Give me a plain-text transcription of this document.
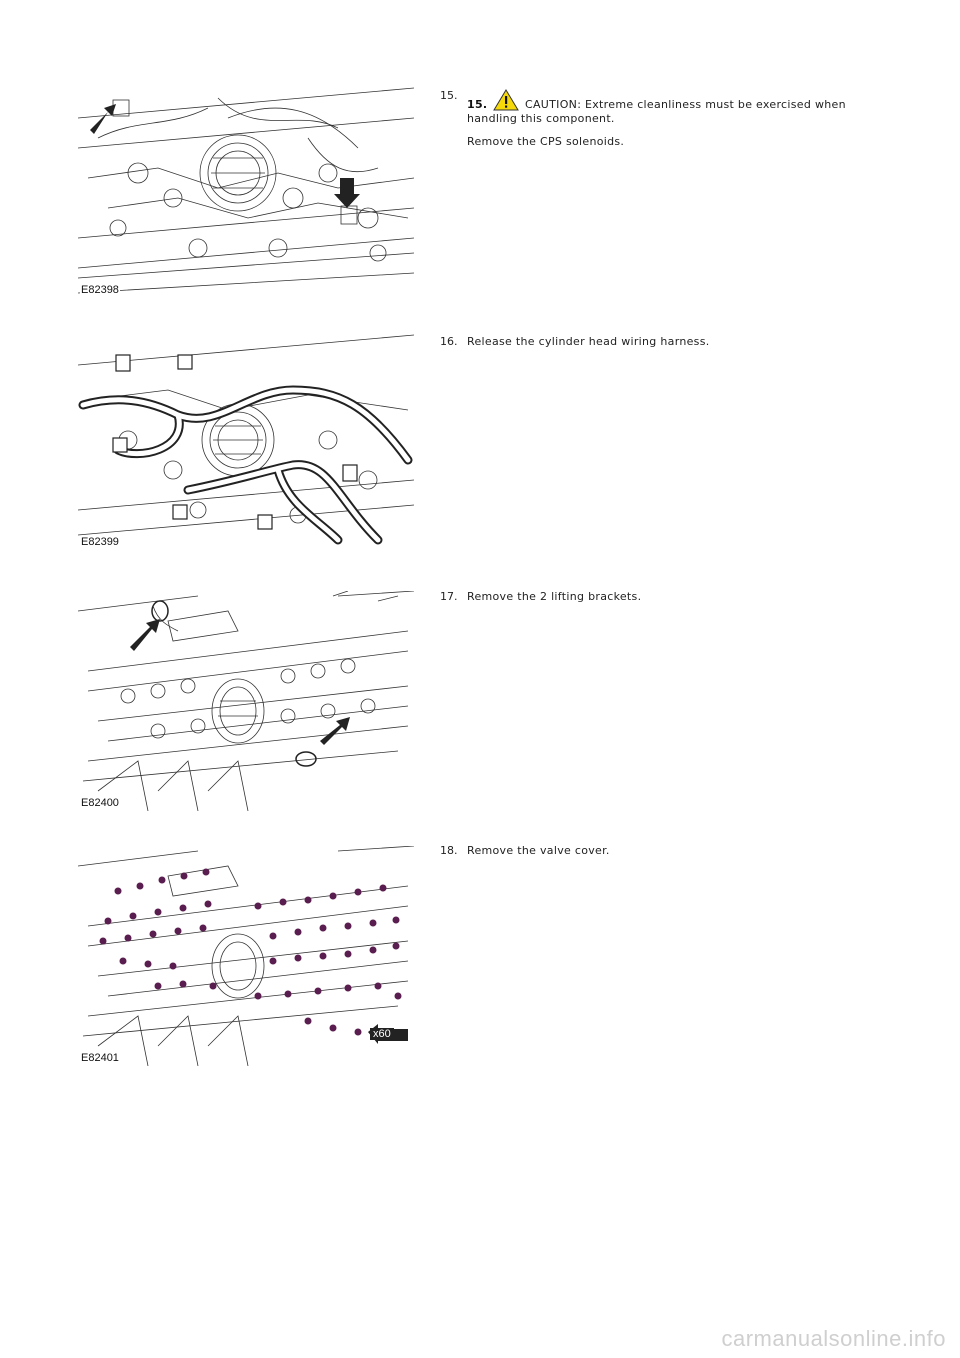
E82398
15.
15.	CAUTION: Extreme cleanliness must be exercised when handling this component.
Remove the CPS solenoids.
E82399
16. Release the cylinder head wiring harness.
E82400
17. Remove the 2 lifting brackets.
x60
E82401
18. Remove the valve cover.
carmanualsonline.info
